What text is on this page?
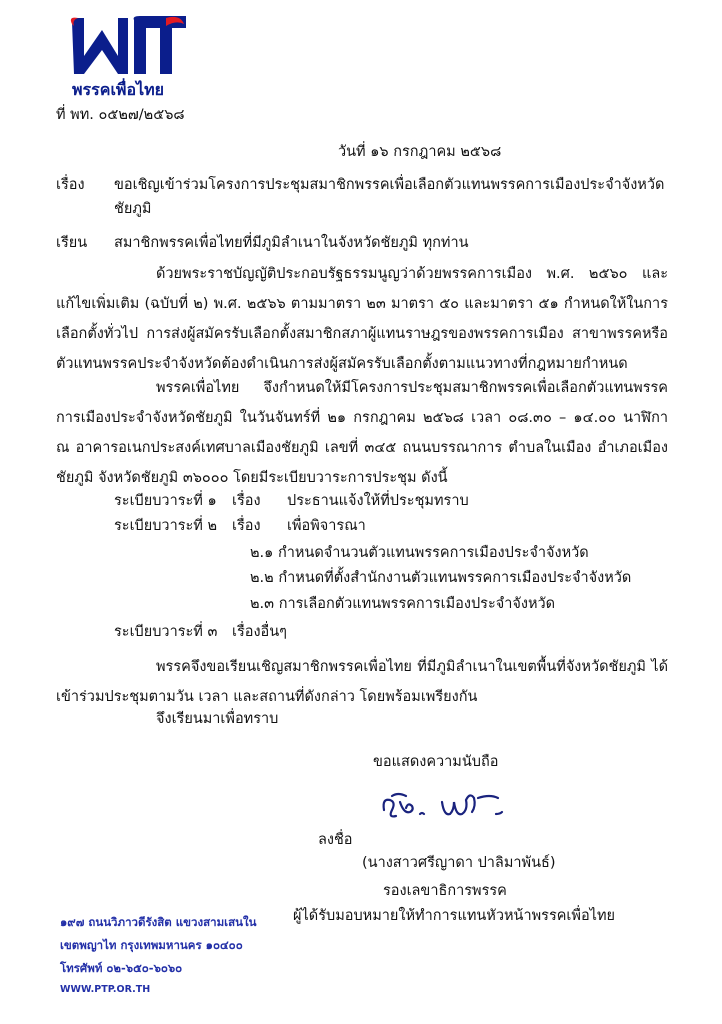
พรรคเพื่อไทย
ที่ พท. ๐๕๒๗/๒๕๖๘
วันที่ ๑๖ กรกฎาคม ๒๕๖๘
เรื่อง ขอเชิญเข้าร่วมโครงการประชุมสมาชิกพรรคเพื่อเลือกตัวแทนพรรคการเมืองประจำจังหวัด
ชัยภูมิ
เรียน สมาชิกพรรคเพื่อไทยที่มีภูมิลำเนาในจังหวัดชัยภูมิ ทุกท่าน
ด้วยพระราชบัญญัติประกอบรัฐธรรมนูญว่าด้วยพรรคการเมือง พ.ศ. ๒๕๖๐ และ
แก้ไขเพิ่มเติม (ฉบับที่ ๒) พ.ศ. ๒๕๖๖ ตามมาตรา ๒๓ มาตรา ๕๐ และมาตรา ๕๑ กำหนดให้ในการ
เลือกตั้งทั่วไป การส่งผู้สมัครรับเลือกตั้งสมาชิกสภาผู้แทนราษฎรของพรรคการเมือง สาขาพรรคหรือ
ตัวแทนพรรคประจำจังหวัดต้องดำเนินการส่งผู้สมัครรับเลือกตั้งตามแนวทางที่กฎหมายกำหนด
พรรคเพื่อไทย จึงกำหนดให้มีโครงการประชุมสมาชิกพรรคเพื่อเลือกตัวแทนพรรค
การเมืองประจำจังหวัดชัยภูมิ ในวันจันทร์ที่ ๒๑ กรกฎาคม ๒๕๖๘ เวลา ๐๘.๓๐ – ๑๔.๐๐ นาฬิกา
ณ อาคารอเนกประสงค์เทศบาลเมืองชัยภูมิ เลขที่ ๓๔๕ ถนนบรรณาการ ตำบลในเมือง อำเภอเมือง
ชัยภูมิ จังหวัดชัยภูมิ ๓๖๐๐๐ โดยมีระเบียบวาระการประชุม ดังนี้
ระเบียบวาระที่ ๑ เรื่อง ประธานแจ้งให้ที่ประชุมทราบ
ระเบียบวาระที่ ๒ เรื่อง เพื่อพิจารณา
๒.๑ กำหนดจำนวนตัวแทนพรรคการเมืองประจำจังหวัด
๒.๒ กำหนดที่ตั้งสำนักงานตัวแทนพรรคการเมืองประจำจังหวัด
๒.๓ การเลือกตัวแทนพรรคการเมืองประจำจังหวัด
ระเบียบวาระที่ ๓ เรื่องอื่นๆ
พรรคจึงขอเรียนเชิญสมาชิกพรรคเพื่อไทย ที่มีภูมิลำเนาในเขตพื้นที่จังหวัดชัยภูมิ ได้
เข้าร่วมประชุมตามวัน เวลา และสถานที่ดังกล่าว โดยพร้อมเพรียงกัน
จึงเรียนมาเพื่อทราบ
ขอแสดงความนับถือ
ลงชื่อ
(นางสาวศรีญาดา ปาลิมาพันธ์)
รองเลขาธิการพรรค
ผู้ได้รับมอบหมายให้ทำการแทนหัวหน้าพรรคเพื่อไทย
๑๙๗ ถนนวิภาวดีรังสิต แขวงสามเสนใน
เขตพญาไท กรุงเทพมหานคร ๑๐๔๐๐
โทรศัพท์ ๐๒-๖๕๐-๖๐๖๐
WWW.PTP.OR.TH
